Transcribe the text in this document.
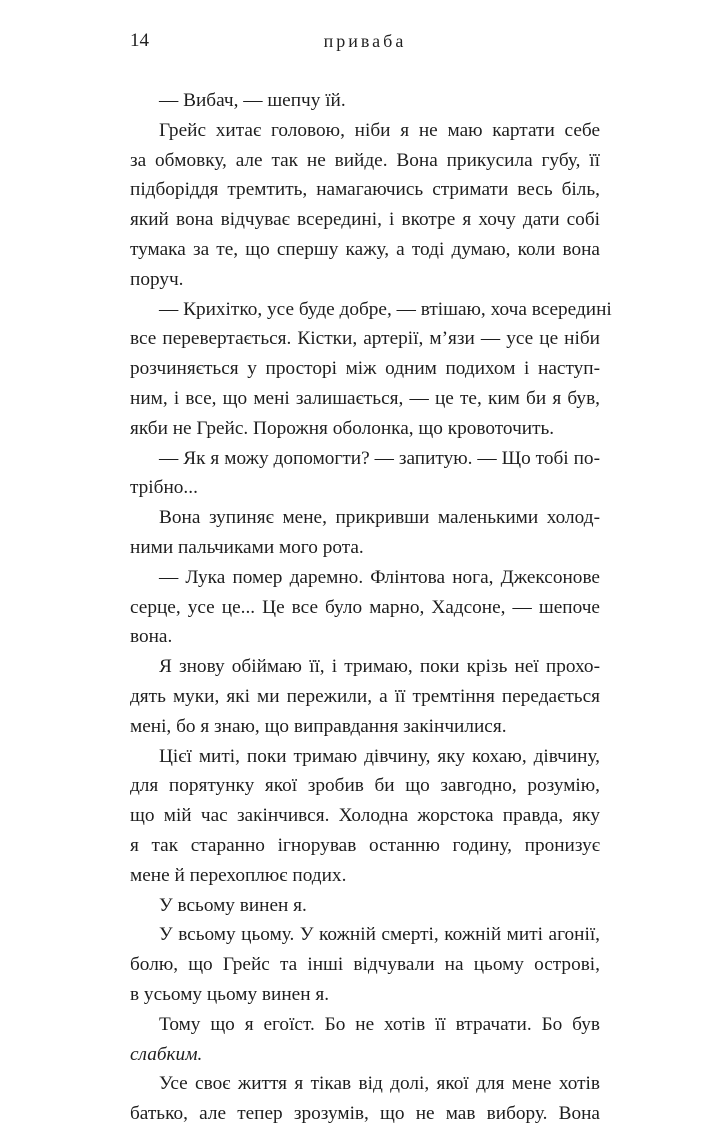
14	приваба
— Вибач, — шепчу їй.
Грейс хитає головою, ніби я не маю картати себе
за обмовку, але так не вийде. Вона прикусила губу, її
підборіддя тремтить, намагаючись стримати весь біль,
який вона відчуває всередині, і вкотре я хочу дати собі
тумака за те, що спершу кажу, а тоді думаю, коли вона
поруч.
— Крихітко, усе буде добре, — втішаю, хоча всередині
все перевертається. Кістки, артерії, м’язи — усе це ніби
розчиняється у просторі між одним подихом і наступ-
ним, і все, що мені залишається, — це те, ким би я був,
якби не Грейс. Порожня оболонка, що кровоточить.
— Як я можу допомогти? — запитую. — Що тобі по-
трібно...
Вона зупиняє мене, прикривши маленькими холод-
ними пальчиками мого рота.
— Лука помер даремно. Флінтова нога, Джексонове
серце, усе це... Це все було марно, Хадсоне, — шепоче
вона.
Я знову обіймаю її, і тримаю, поки крізь неї прохо-
дять муки, які ми пережили, а її тремтіння передається
мені, бо я знаю, що виправдання закінчилися.
Цієї миті, поки тримаю дівчину, яку кохаю, дівчину,
для порятунку якої зробив би що завгодно, розумію,
що мій час закінчився. Холодна жорстока правда, яку
я так старанно ігнорував останню годину, пронизує
мене й перехоплює подих.
У всьому винен я.
У всьому цьому. У кожній смерті, кожній миті агонії,
болю, що Грейс та інші відчували на цьому острові,
в усьому цьому винен я.
Тому що я егоїст. Бо не хотів її втрачати. Бо був
слабким.
Усе своє життя я тікав від долі, якої для мене хотів
батько, але тепер зрозумів, що не мав вибору. Вона
